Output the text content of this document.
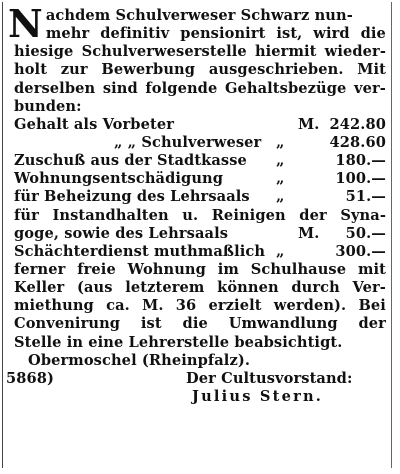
Nachdem Schulverweser Schwarz nun-
mehr definitiv pensionirt ist, wird die
hiesige Schulverweserstelle hiermit wieder-
holt zur Bewerbung ausgeschrieben. Mit
derselben sind folgende Gehaltsbezüge ver-
bunden:
Gehalt als Vorbeter	M. 242.80
„ „ Schulverweser „	428.60
Zuschuß aus der Stadtkasse „	180.—
Wohnungsentschädigung	„	100.—
für Beheizung des Lehrsaals „	51.—
für Instandhalten u. Reinigen der Syna-
goge, sowie des Lehrsaals	M.	50.—
Schächterdienst muthmaßlich „	300.—
ferner freie Wohnung im Schulhause mit
Keller (aus letzterem können durch Ver-
miethung ca. M. 36 erzielt werden). Bei
Convenirung ist die Umwandlung der
Stelle in eine Lehrerstelle beabsichtigt.
Obermoschel (Rheinpfalz).
5868)	Der Cultusvorstand:
Julius Stern.
